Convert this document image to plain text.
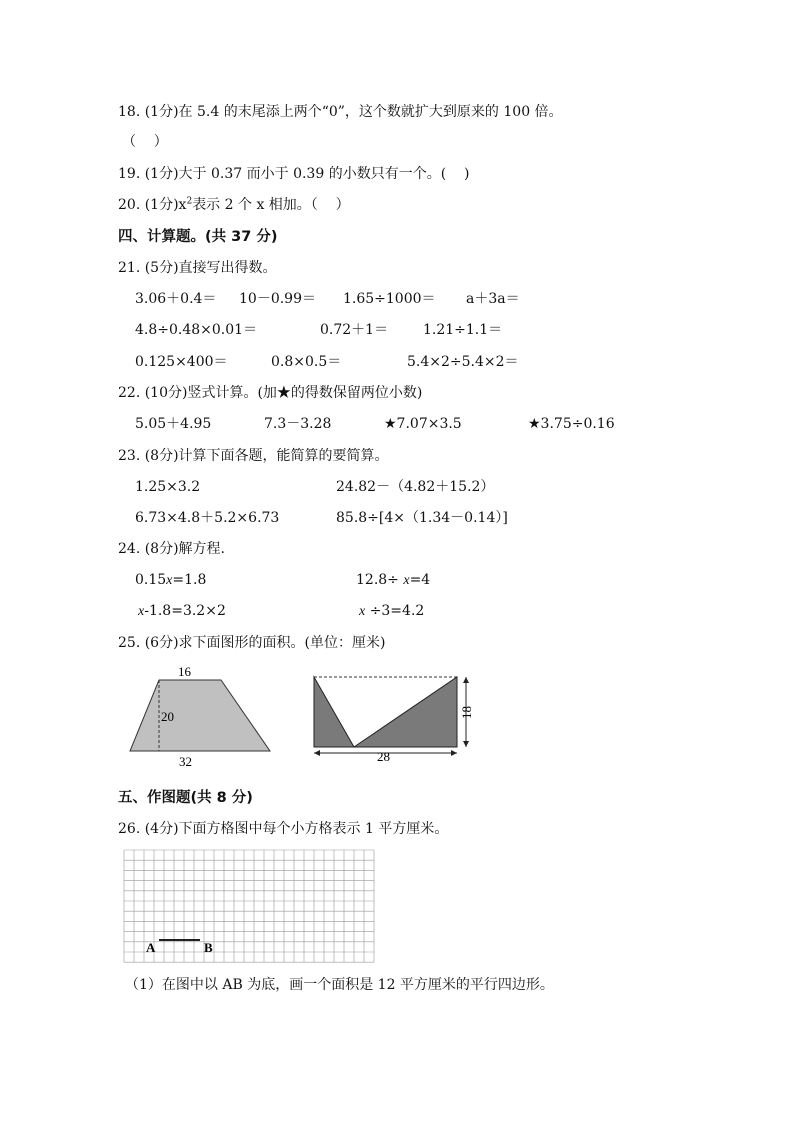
18. (1分)在 5.4 的末尾添上两个“0”，这个数就扩大到原来的 100 倍。
（    ）
19. (1分)大于 0.37 而小于 0.39 的小数只有一个。(    )
20. (1分)$x^2$表示 2 个 x 相加。（    ）
四、计算题。(共 37 分)
21. (5分)直接写出得数。
3.06＋0.4＝ 10－0.99＝ 1.65÷1000＝ a＋3a＝
4.8÷0.48×0.01＝	0.72＋1＝ 1.21÷1.1＝
0.125×400＝	0.8×0.5＝	5.4×2÷5.4×2＝
22. (10分)竖式计算。(加★的得数保留两位小数)
5.05＋4.95	7.3－3.28	★7.07×3.5	★3.75÷0.16
23. (8分)计算下面各题，能简算的要简算。
1.25×3.2	24.82－（4.82＋15.2）
6.73×4.8＋5.2×6.73	85.8÷[4×（1.34－0.14）]
24. (8分)解方程.
0.15x=1.8	12.8÷ x=4
x-1.8=3.2×2	x ÷3=4.2
25. (6分)求下面图形的面积。(单位：厘米)
16
20
32
18
28
五、作图题(共 8 分)
26. (4分)下面方格图中每个小方格表示 1 平方厘米。
A	B
（1）在图中以 AB 为底，画一个面积是 12 平方厘米的平行四边形。
